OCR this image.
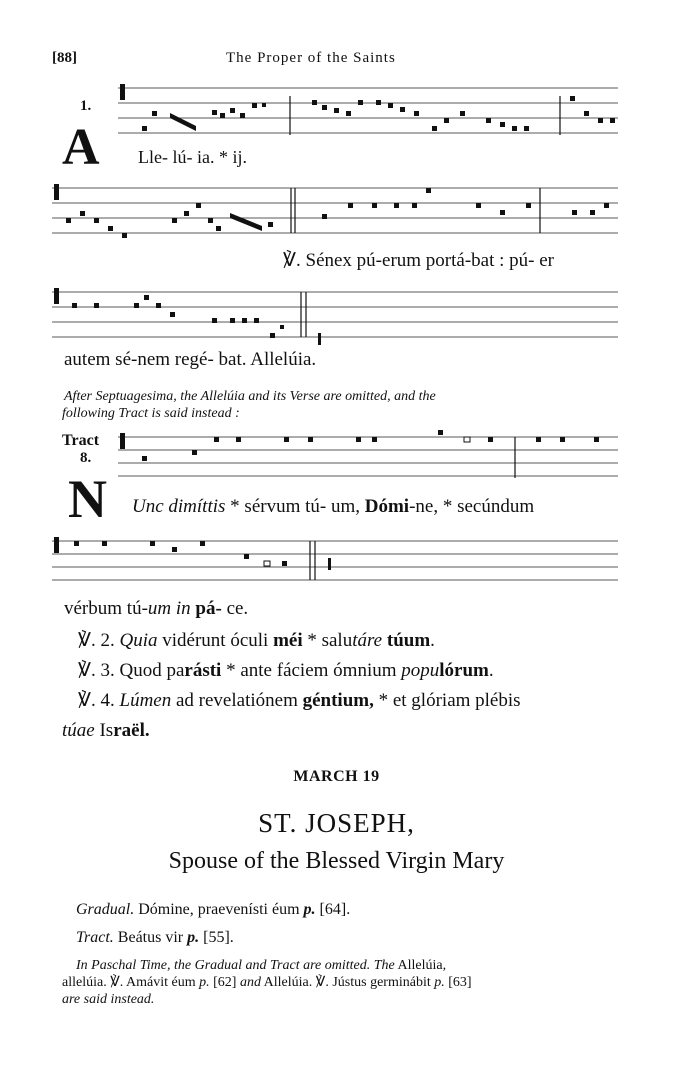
[88]	The Proper of the Saints
1.
A Lle- lú- ia. * ij.
℣. Sénex pú-erum portá-bat : pú- er
autem sé-nem regé- bat. Allelúia.
After Septuagesima, the Allelúia and its Verse are omitted, and the
following Tract is said instead :
Tract
8.
N Unc dimíttis * sérvum tú- um, Dómi-ne, * secúndum
vérbum tú-um in pá- ce.
℣. 2. Quia vidérunt óculi méi * salutáre túum.
℣. 3. Quod parásti * ante fáciem ómnium populórum.
℣. 4. Lúmen ad revelatiónem géntium, * et glóriam plébis
túae Israël.
MARCH 19
ST. JOSEPH,
Spouse of the Blessed Virgin Mary
Gradual. Dómine, praevenísti éum p. [64].
Tract. Beátus vir p. [55].
In Paschal Time, the Gradual and Tract are omitted. The Allelúia,
allelúia. ℣. Amávit éum p. [62] and Allelúia. ℣. Jústus germinábit p. [63]
are said instead.
